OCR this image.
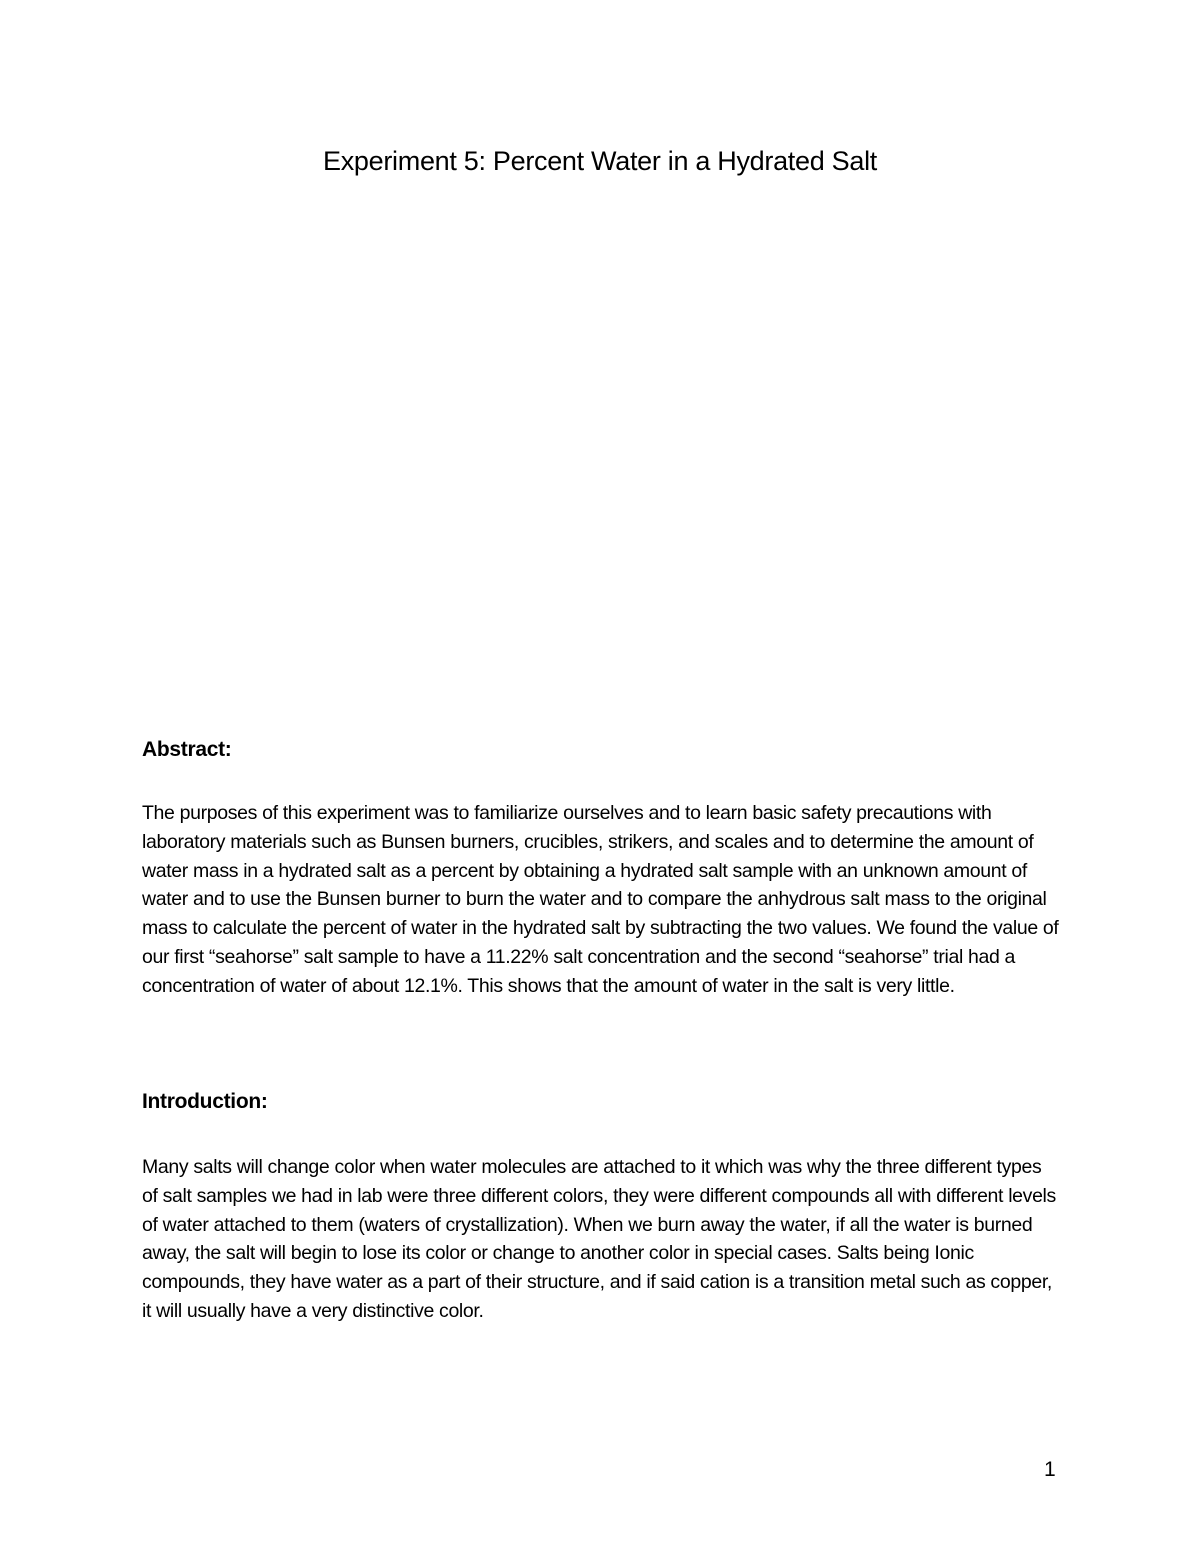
Experiment 5: Percent Water in a Hydrated Salt
Abstract:

The purposes of this experiment was to familiarize ourselves and to learn basic safety precautions with laboratory materials such as Bunsen burners, crucibles, strikers, and scales and to determine the amount of water mass in a hydrated salt as a percent by obtaining a hydrated salt sample with an unknown amount of water and to use the Bunsen burner to burn the water and to compare the anhydrous salt mass to the original mass to calculate the percent of water in the hydrated salt by subtracting the two values. We found the value of our first “seahorse” salt sample to have a 11.22% salt concentration and the second “seahorse” trial had a concentration of water of about 12.1%. This shows that the amount of water in the salt is very little.

Introduction:

Many salts will change color when water molecules are attached to it which was why the three different types of salt samples we had in lab were three different colors, they were different compounds all with different levels of water attached to them (waters of crystallization). When we burn away the water, if all the water is burned away, the salt will begin to lose its color or change to another color in special cases. Salts being Ionic compounds, they have water as a part of their structure, and if said cation is a transition metal such as copper, it will usually have a very distinctive color.

1
